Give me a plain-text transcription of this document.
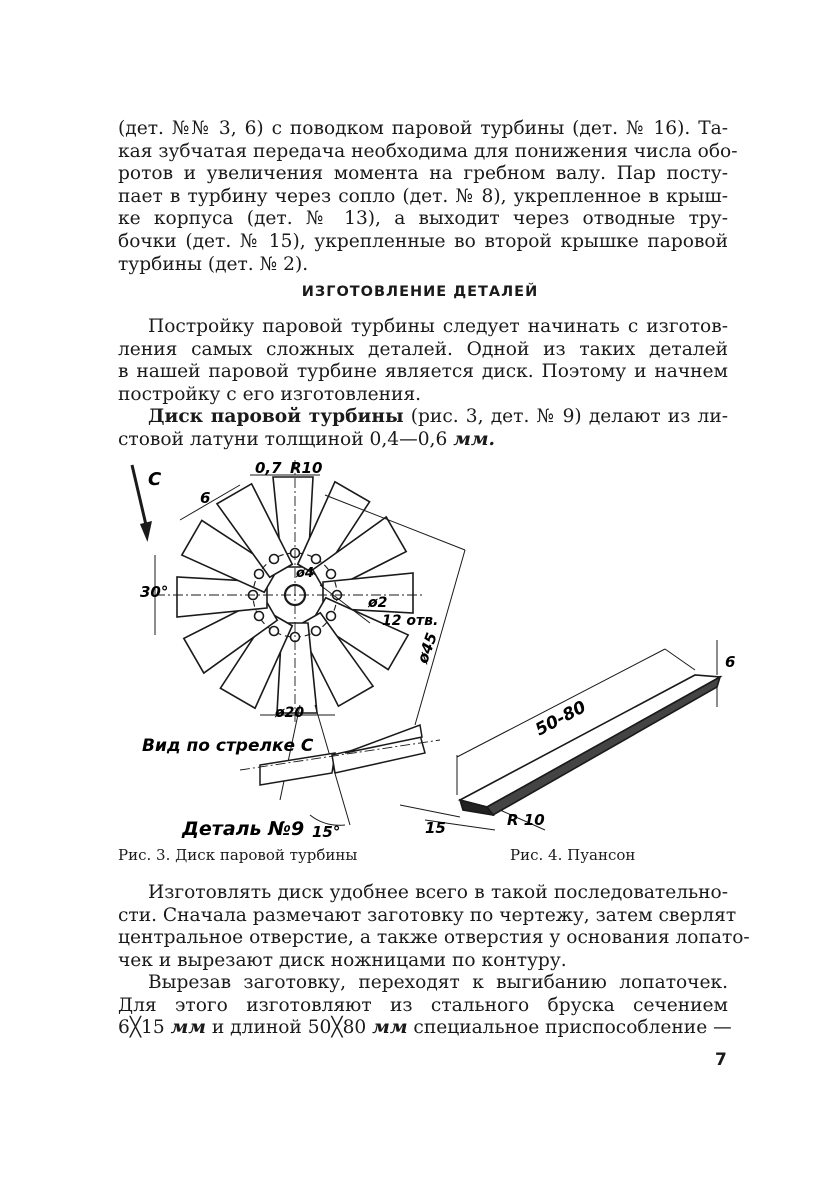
(дет. №№ 3, 6) с поводком паровой турбины (дет. № 16). Та-
кая зубчатая передача необходима для понижения числа обо-
ротов и увеличения момента на гребном валу. Пар посту-
пает в турбину через сопло (дет. № 8), укрепленное в крыш-
ке корпуса (дет. № 13), а выходит через отводные тру-
бочки (дет. № 15), укрепленные во второй крышке паровой
турбины (дет. № 2).
ИЗГОТОВЛЕНИЕ ДЕТАЛЕЙ
Постройку паровой турбины следует начинать с изготов-
ления самых сложных деталей. Одной из таких деталей
в нашей паровой турбине является диск. Поэтому и начнем
постройку с его изготовления.
Диск паровой турбины (рис. 3, дет. № 9) делают из ли-
стовой латуни толщиной 0,4—0,6 мм.
C
0,7 R10
6
30°
ø4
ø2
12 отв.
ø45
ø20
Вид по стрелке C
Деталь №9 15°
6
50-80
15	R 10
Рис. 3. Диск паровой турбины	Рис. 4. Пуансон
Изготовлять диск удобнее всего в такой последовательно-
сти. Сначала размечают заготовку по чертежу, затем сверлят
центральное отверстие, а также отверстия у основания лопато-
чек и вырезают диск ножницами по контуру.
Вырезав заготовку, переходят к выгибанию лопаточек.
Для этого изготовляют из стального бруска сечением
6╳15 мм и длиной 50╳80 мм специальное приспособление —
7
